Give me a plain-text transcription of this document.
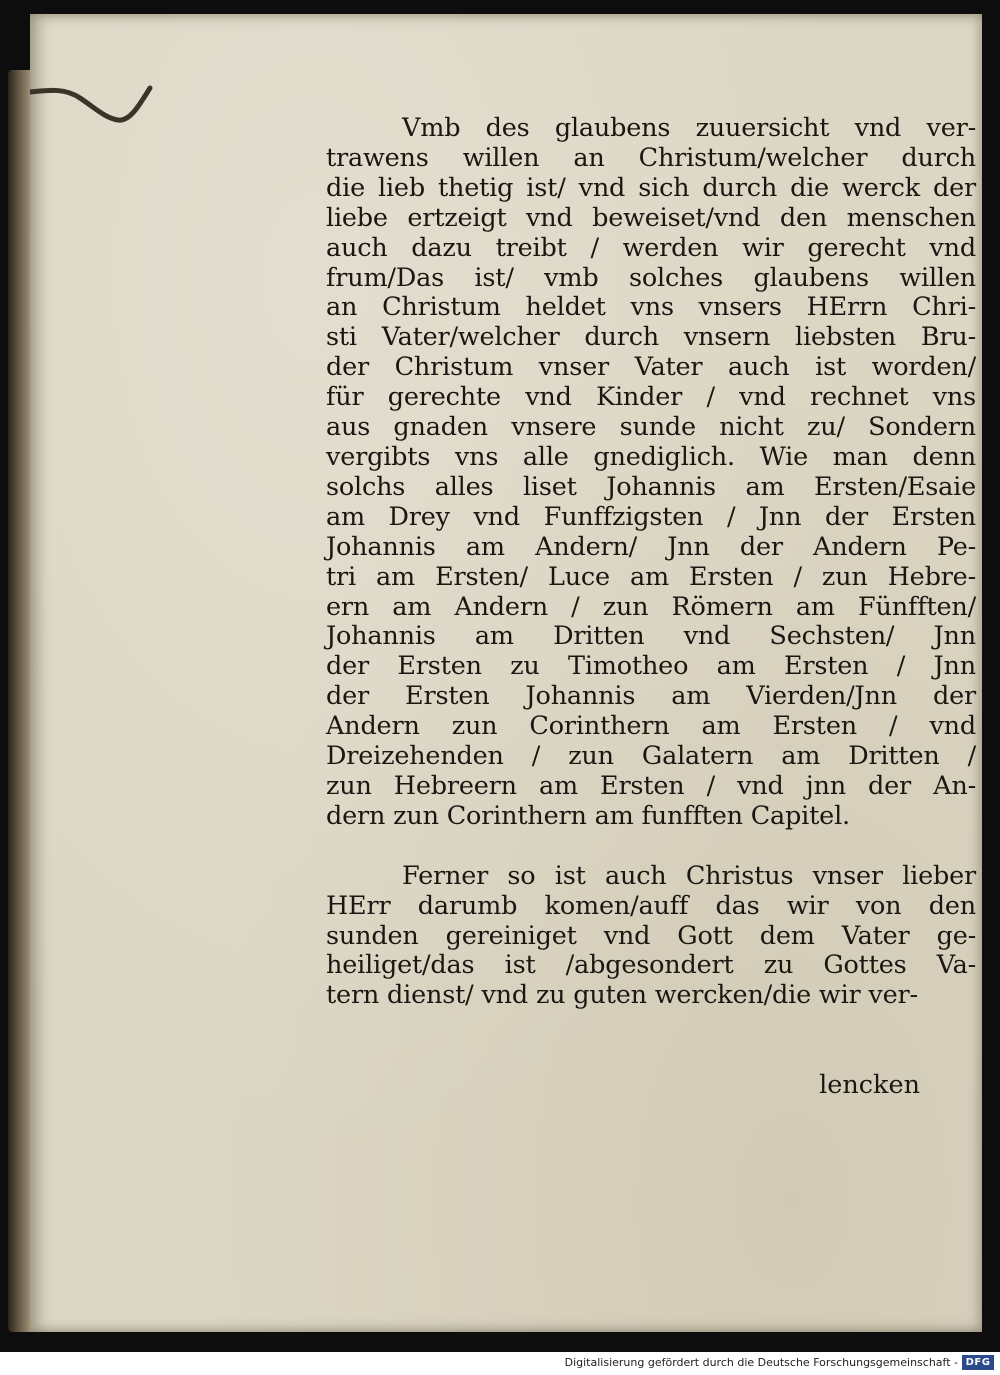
Vmb des glaubens zuuersicht vnd ver-
trawens willen an Christum/welcher durch
die lieb thetig ist/ vnd sich durch die werck der
liebe ertzeigt vnd beweiset/vnd den menschen
auch dazu treibt / werden wir gerecht vnd
frum/Das ist/ vmb solches glaubens willen
an Christum heldet vns vnsers HErrn Chri-
sti Vater/welcher durch vnsern liebsten Bru-
der Christum vnser Vater auch ist worden/
für gerechte vnd Kinder / vnd rechnet vns
aus gnaden vnsere sunde nicht zu/ Sondern
vergibts vns alle gnediglich. Wie man denn
solchs alles liset Johannis am Ersten/Esaie
am Drey vnd Funffzigsten / Jnn der Ersten
Johannis am Andern/ Jnn der Andern Pe-
tri am Ersten/ Luce am Ersten / zun Hebre-
ern am Andern / zun Römern am Fünfften/
Johannis am Dritten vnd Sechsten/ Jnn
der Ersten zu Timotheo am Ersten / Jnn
der Ersten Johannis am Vierden/Jnn der
Andern zun Corinthern am Ersten / vnd
Dreizehenden / zun Galatern am Dritten /
zun Hebreern am Ersten / vnd jnn der An-
dern zun Corinthern am funfften Capitel.
Ferner so ist auch Christus vnser lieber
HErr darumb komen/auff das wir von den
sunden gereiniget vnd Gott dem Vater ge-
heiliget/das ist /abgesondert zu Gottes Va-
tern dienst/ vnd zu guten wercken/die wir ver-
lencken
Digitalisierung gefördert durch die Deutsche Forschungsgemeinschaft - DFG
